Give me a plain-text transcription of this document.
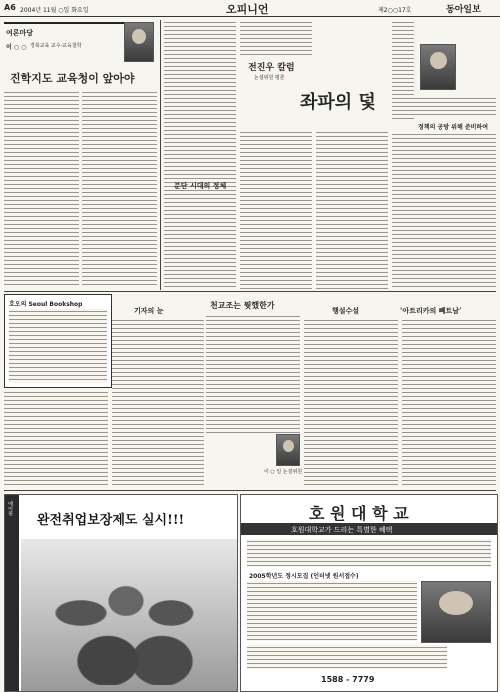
A6 2004년 11월 ○일 화요일	오피니언	제2○○17호	동아일보
여론마당
이 ○ ○ 경북교육 교수·교육철학
진학지도 교육청이 앞아야
전진우 칼럼
논설위원 평론
좌파의 덫
분단 시대의 정체
정책의 공방 위해 준비하여
호오의 Seoul Bookshop
기자의 눈
천교조는 뭣했한가
이 ○ 일 논설위원
행설수설	‘아트리카의 빼트남’
에이핏
완전취업보장제도 실시!!!	호 원 대 학 교
호원대학교가 드리는 특별한 혜택
2005학년도 정시모집 (인터넷 원서접수)
1588 - 7779
